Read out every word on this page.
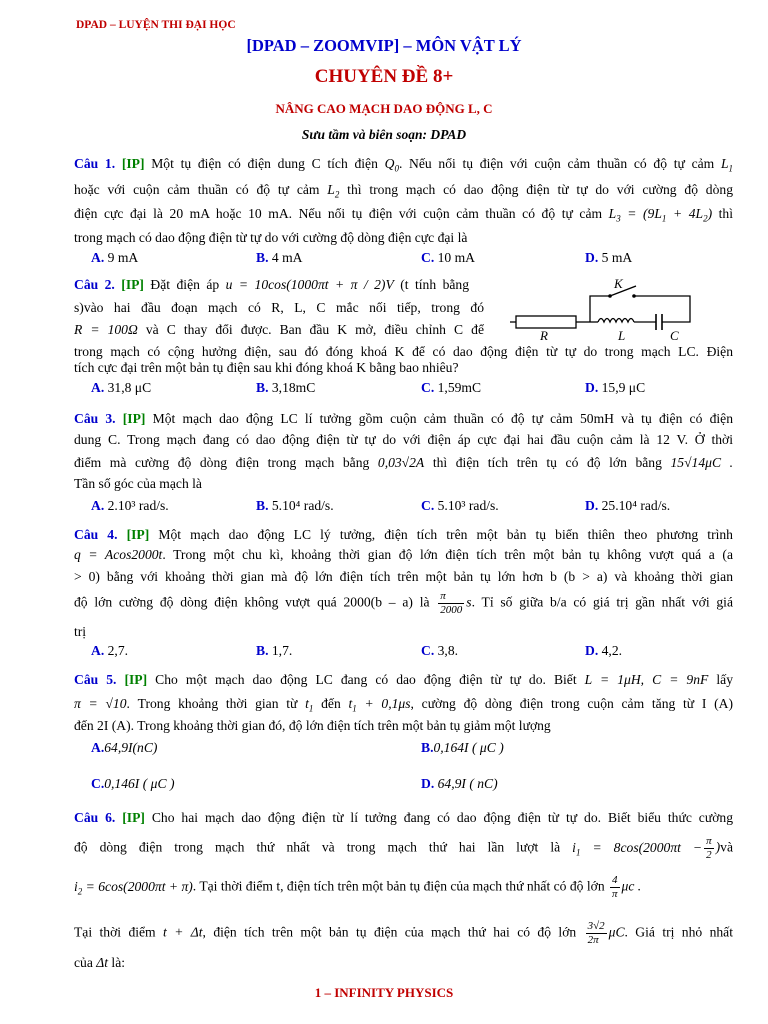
DPAD – LUYỆN THI ĐẠI HỌC
[DPAD – ZOOMVIP] – MÔN VẬT LÝ
CHUYÊN ĐỀ 8+
NÂNG CAO MẠCH DAO ĐỘNG L, C
Sưu tầm và biên soạn: DPAD
Câu 1. [IP] Một tụ điện có điện dung C tích điện $Q_0$. Nếu nối tụ điện với cuộn cảm thuần có độ tự cảm $L_1$
hoặc với cuộn cảm thuần có độ tự cảm $L_2$ thì trong mạch có dao động điện từ tự do với cường độ dòng
điện cực đại là 20 mA hoặc 10 mA. Nếu nối tụ điện với cuộn cảm thuần có độ tự cảm $L_3 = (9L_1 + 4L_2)$ thì
trong mạch có dao động điện từ tự do với cường độ dòng điện cực đại là
A. 9 mA	B. 4 mA	C. 10 mA	D. 5 mA
Câu 2. [IP] Đặt điện áp u = 10cos(1000πt + π / 2)V (t tính bằng
s)vào hai đầu đoạn mạch có R, L, C mắc nối tiếp, trong đó
R = 100Ω và C thay đổi được. Ban đầu K mở, điều chỉnh C để
trong mạch có cộng hưởng điện, sau đó đóng khoá K để có dao động điện từ tự do trong mạch LC. Điện
tích cực đại trên một bản tụ điện sau khi đóng khoá K bằng bao nhiêu?
K
R	L	C
A. 31,8 μC	B. 3,18mC	C. 1,59mC	D. 15,9 μC
Câu 3. [IP] Một mạch dao động LC lí tưởng gồm cuộn cảm thuần có độ tự cảm 50mH và tụ điện có điện
dung C. Trong mạch đang có dao động điện từ tự do với điện áp cực đại hai đầu cuộn cảm là 12 V. Ở thời
điểm mà cường độ dòng điện trong mạch bằng 0,03√2A thì điện tích trên tụ có độ lớn bằng 15√14μC .
Tần số góc của mạch là
A. 2.10³ rad/s.	B. 5.10⁴ rad/s.	C. 5.10³ rad/s.	D. 25.10⁴ rad/s.
Câu 4. [IP] Một mạch dao động LC lý tưởng, điện tích trên một bản tụ biến thiên theo phương trình
q = Acos2000t. Trong một chu kì, khoảng thời gian độ lớn điện tích trên một bản tụ không vượt quá a (a
> 0) bằng với khoảng thời gian mà độ lớn điện tích trên một bản tụ lớn hơn b (b > a) và khoảng thời gian
độ lớn cường độ dòng điện không vượt quá 2000(b – a) là $\frac{\pi}{2000} s$. Tỉ số giữa b/a có giá trị gần nhất với giá
trị
A. 2,7.	B. 1,7.	C. 3,8.	D. 4,2.
Câu 5. [IP] Cho một mạch dao động LC đang có dao động điện từ tự do. Biết L = 1μH, C = 9nF lấy
π = √10. Trong khoảng thời gian từ $t_1$ đến $t_1 + 0,1\mu s$, cường độ dòng điện trong cuộn cảm tăng từ I (A)
đến 2I (A). Trong khoảng thời gian đó, độ lớn điện tích trên một bản tụ giảm một lượng
A.64,9I(nC)	B.0,164I ( μC )
C.0,146I ( μC )	D. 64,9I ( nC)
Câu 6. [IP] Cho hai mạch dao động điện từ lí tưởng đang có dao động điện từ tự do. Biết biểu thức cường
độ dòng điện trong mạch thứ nhất và trong mạch thứ hai lần lượt là $i_1 = 8\cos(2000\pi t - \frac{\pi}{2}$ )và
$i_2 = 6\cos(2000\pi t + \pi)$. Tại thời điểm t, điện tích trên một bản tụ điện của mạch thứ nhất có độ lớn $\frac{4}{\pi}$ μc .
Tại thời điểm t + Δt, điện tích trên một bản tụ điện của mạch thứ hai có độ lớn $\frac{3√2}{2\pi} \mu C$. Giá trị nhỏ nhất
của Δt là:
1 – INFINITY PHYSICS
